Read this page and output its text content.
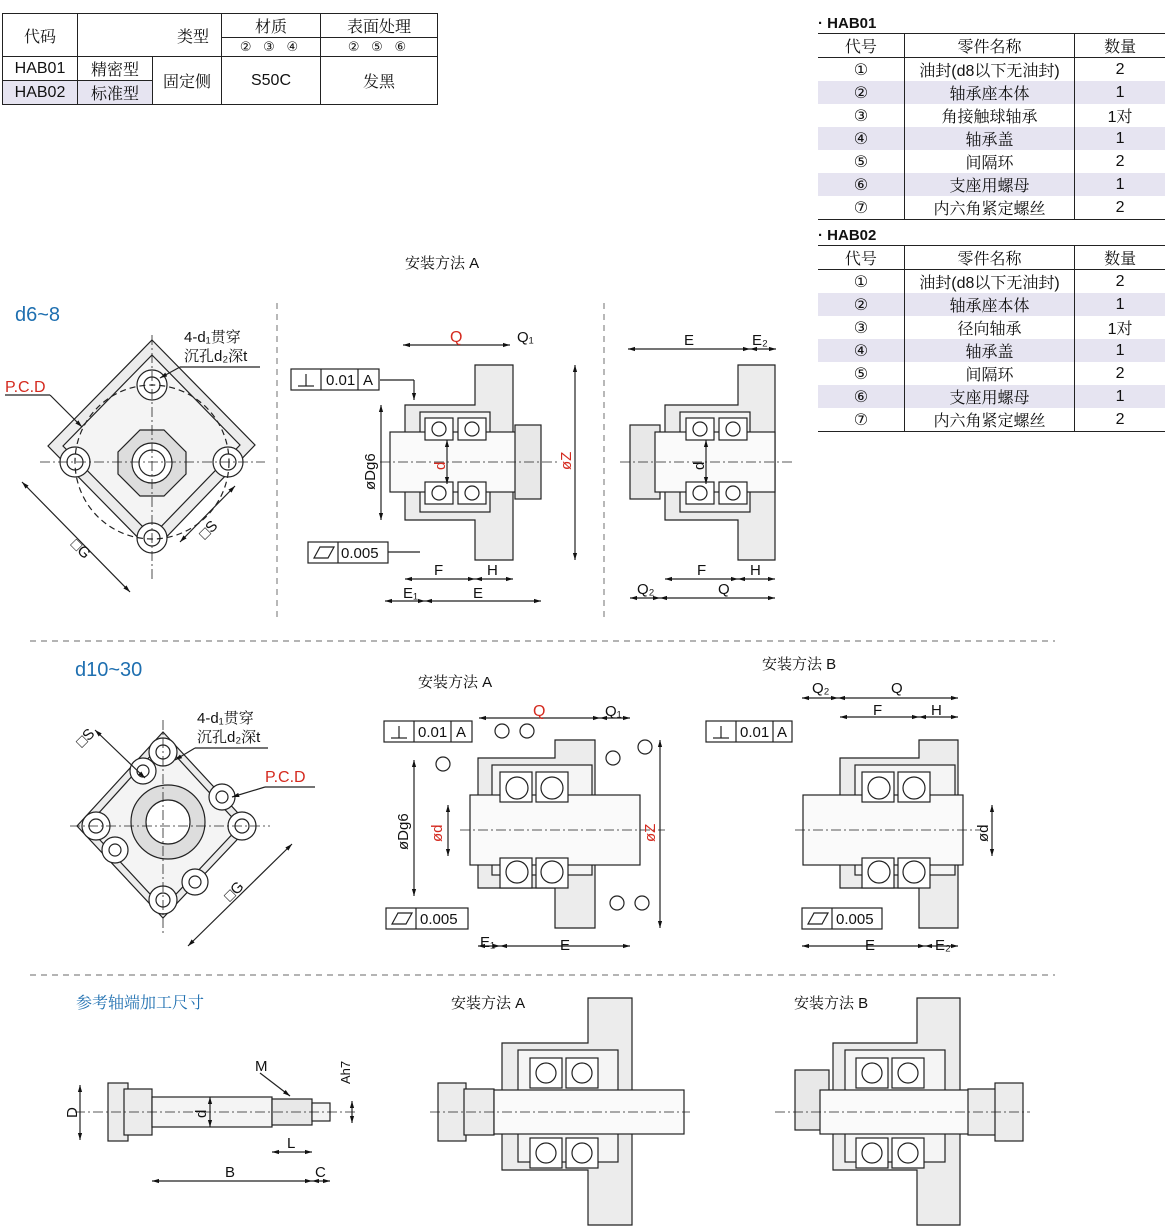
代码	类型		材质	表面处理
			② ③ ④	② ⑤ ⑥
HAB01	精密型	固定侧	S50C	发黑
HAB02	标准型			
· HAB01
代号	零件名称	数量
①	油封(d8以下无油封)	2
②	轴承座本体	1
③	角接触球轴承	1对
④	轴承盖	1
⑤	间隔环	2
⑥	支座用螺母	1
⑦	内六角紧定螺丝	2
· HAB02
代号	零件名称	数量
①	油封(d8以下无油封)	2
②	轴承座本体	1
③	径向轴承	1对
④	轴承盖	1
⑤	间隔环	2
⑥	支座用螺母	1
⑦	内六角紧定螺丝	2
安装方法 A
4-d₁贯穿
沉孔d₂深t
P.C.D
□G
□S
Q	Q₁
0.01 A
0.005
øDg6	d	øZ
F	H
E₁	E
E	E₂
d
F	H
Q₂	Q
4-d₁贯穿
沉孔d₂深t
P.C.D
□G
□S
安装方法 A
Q	Q₁
0.01 A
0.005
øDg6 ød	øZ
E₁	E
安装方法 B
Q₂	Q
F	H
0.01 A
0.005
ød
E	E₂
安装方法 A	安装方法 B
M	Ah7
D	d
L
B	C
d6~8
d10~30
参考轴端加工尺寸
